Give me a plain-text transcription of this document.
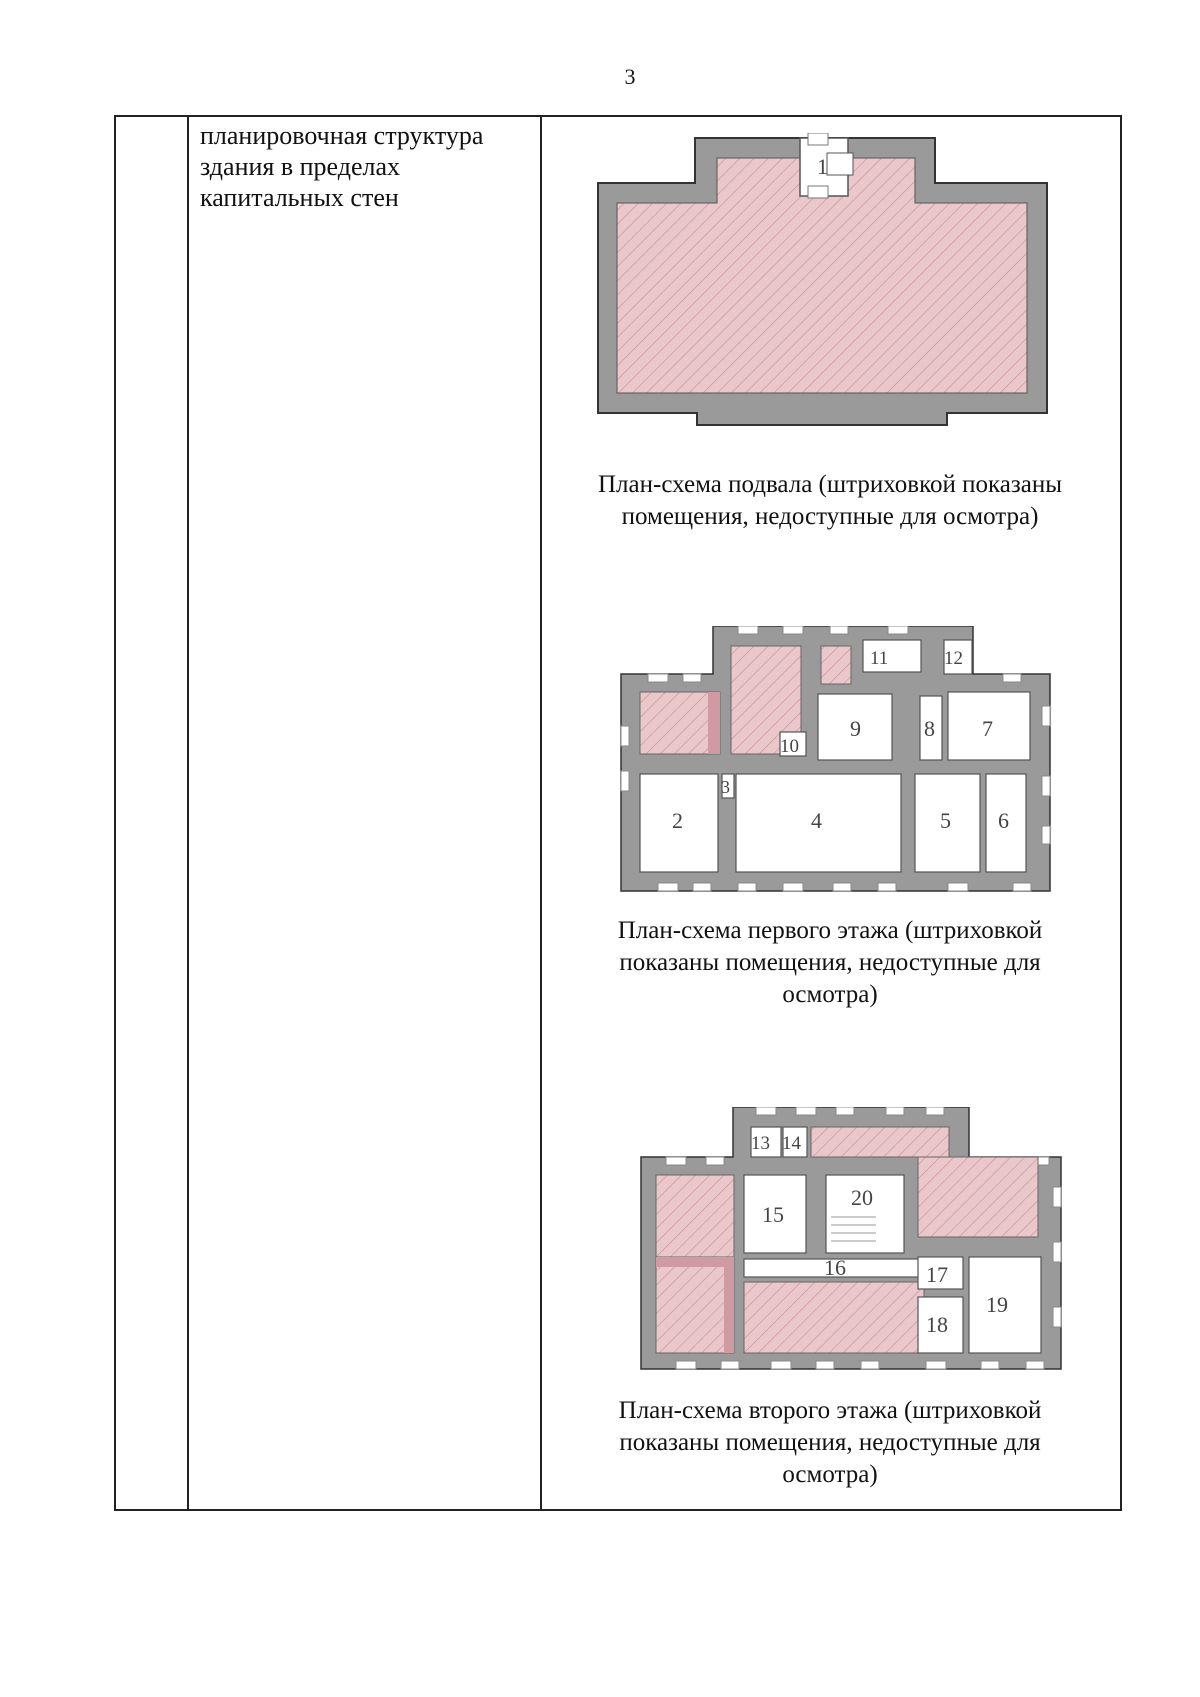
3
планировочная структура
здания в пределах
капитальных стен
1
План-схема подвала (штриховкой показаны
помещения, недоступные для осмотра)
2
3
4	5 6
7
8
9
10
11	12
План-схема первого этажа (штриховкой
показаны помещения, недоступные для
осмотра)
13 14
15
16	17
18
19
20
План-схема второго этажа (штриховкой
показаны помещения, недоступные для
осмотра)
